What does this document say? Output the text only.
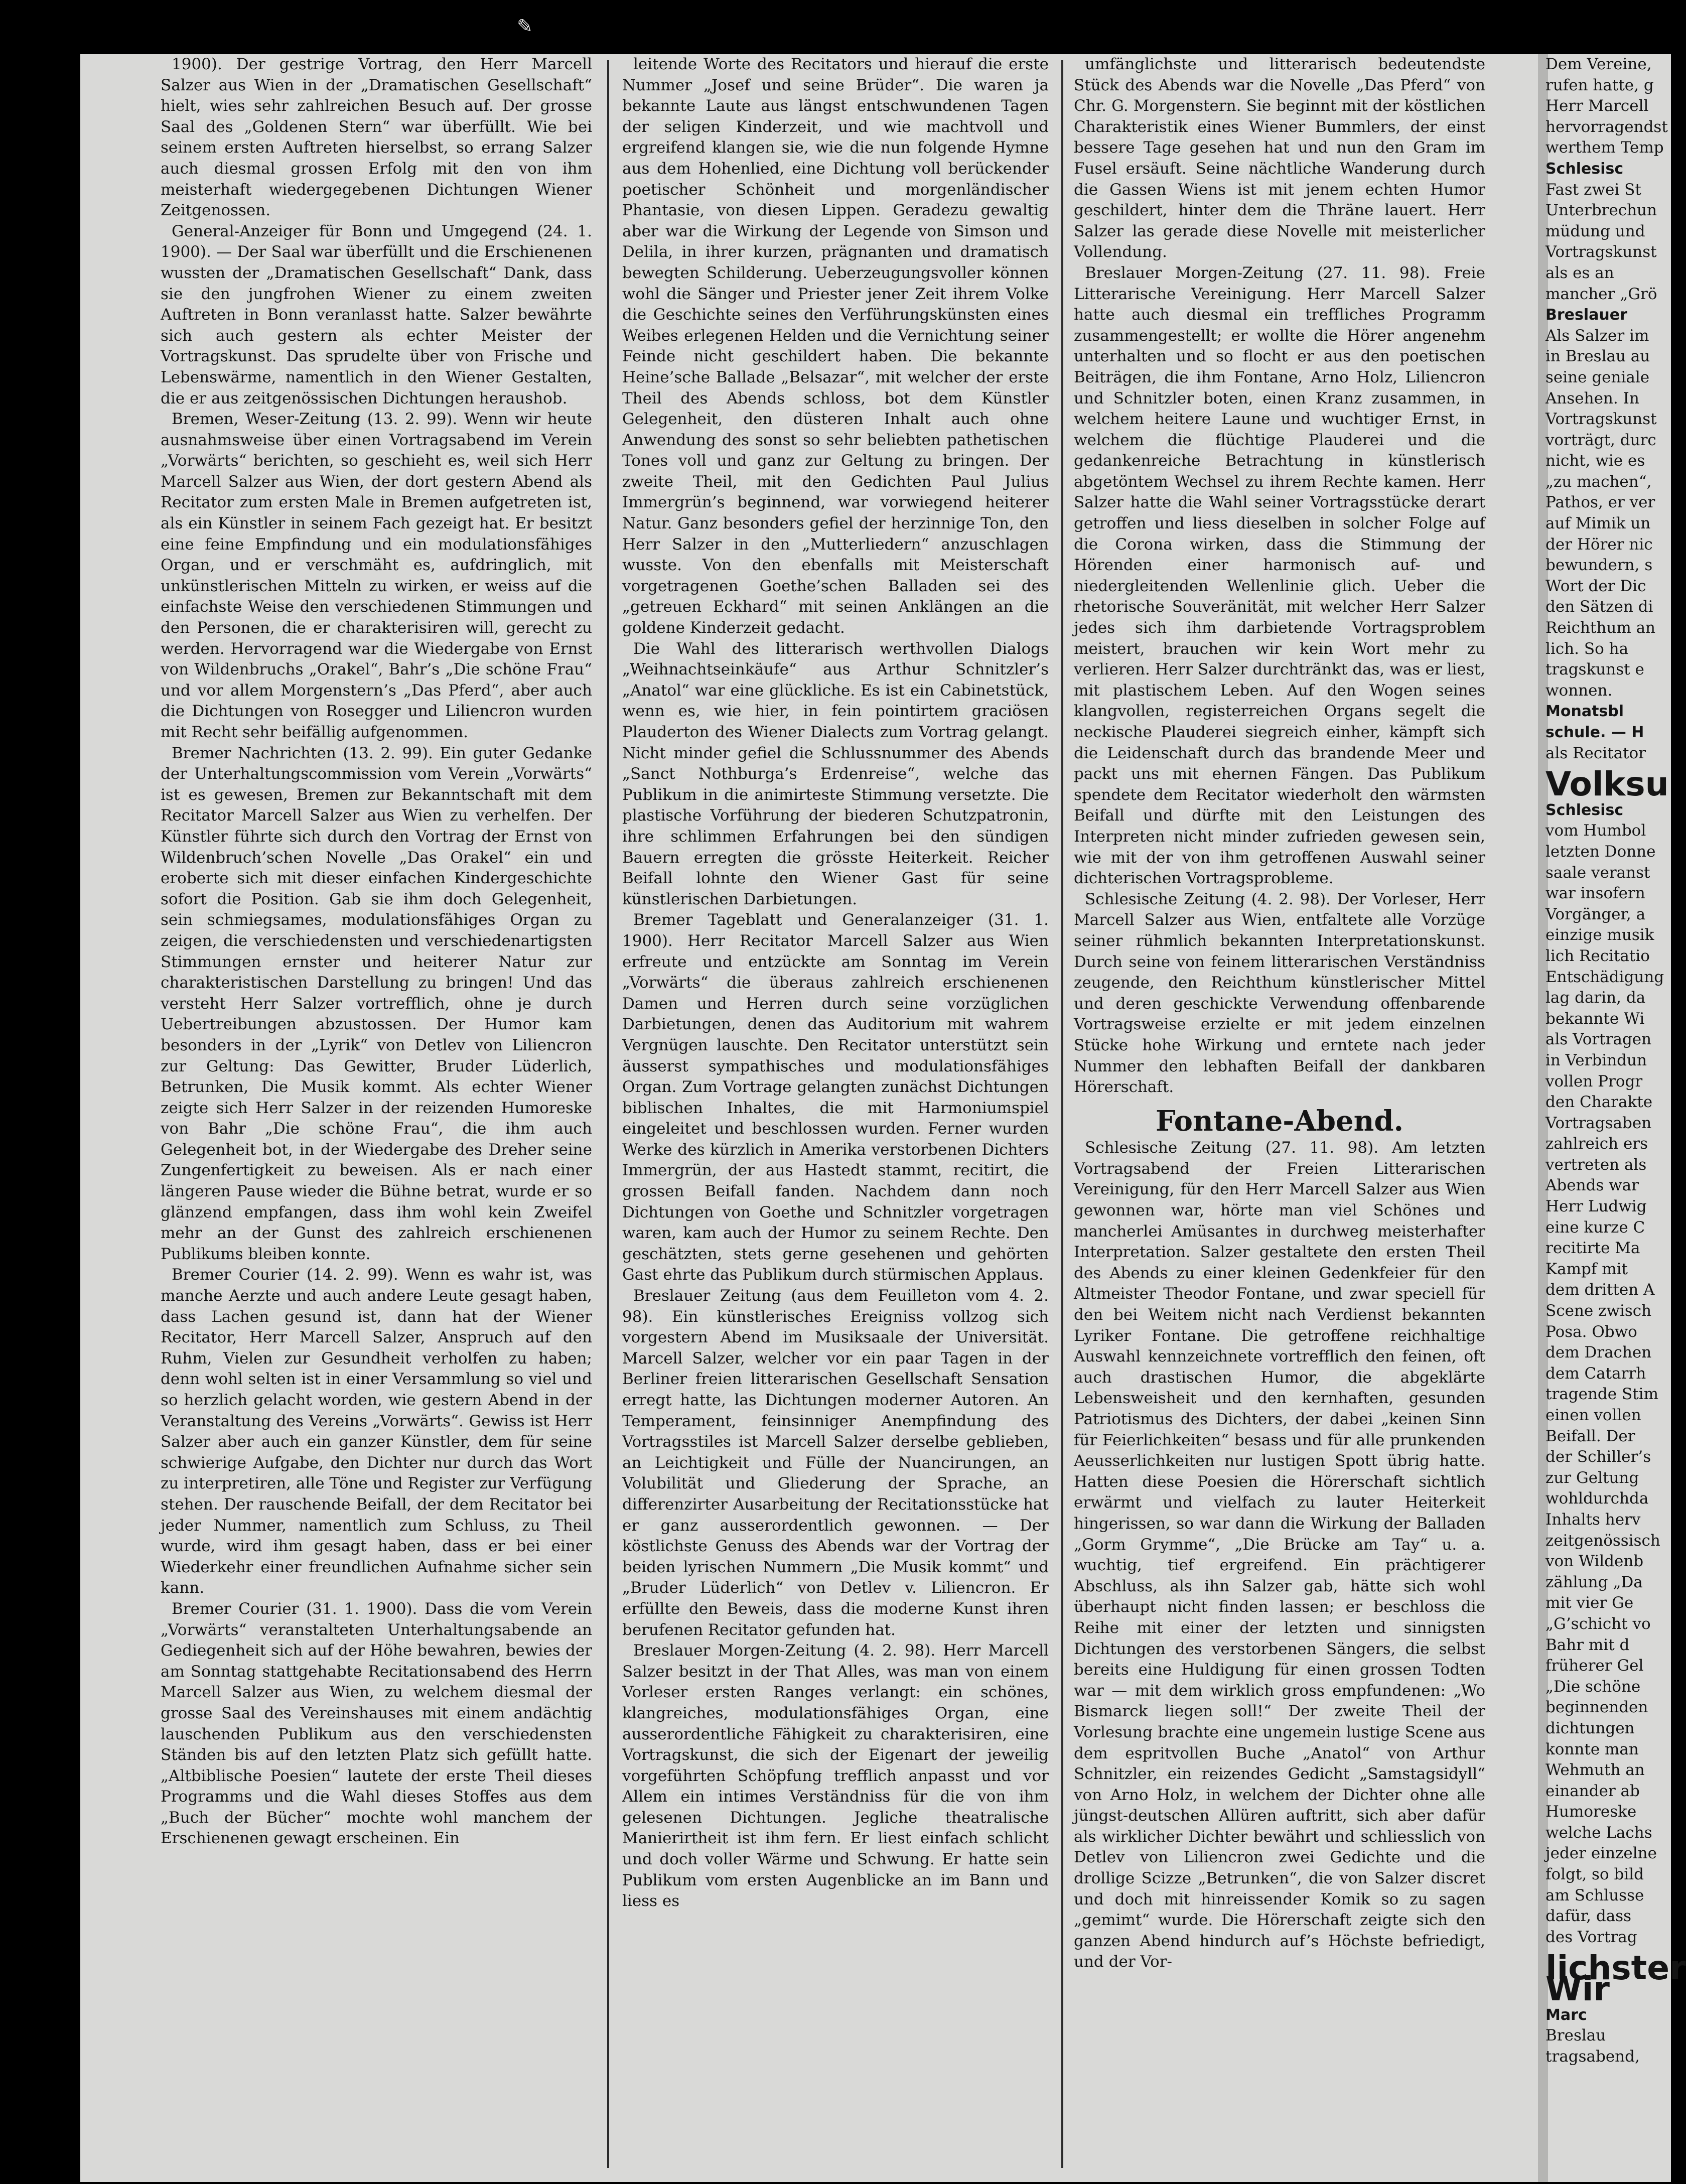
1900). Der gestrige Vortrag, den Herr Marcell Salzer aus Wien in der „Dramatischen Gesellschaft“ hielt, wies sehr zahlreichen Besuch auf. Der grosse Saal des „Goldenen Stern“ war überfüllt. Wie bei seinem ersten Auftreten hierselbst, so errang Salzer auch diesmal grossen Erfolg mit den von ihm meisterhaft wiedergegebenen Dichtungen Wiener Zeitgenossen.

General-Anzeiger für Bonn und Umgegend (24. 1. 1900). — Der Saal war überfüllt und die Erschienenen wussten der „Dramatischen Gesellschaft“ Dank, dass sie den jungfrohen Wiener zu einem zweiten Auftreten in Bonn veranlasst hatte. Salzer bewährte sich auch gestern als echter Meister der Vortragskunst. Das sprudelte über von Frische und Lebenswärme, namentlich in den Wiener Gestalten, die er aus zeitgenössischen Dichtungen heraushob.

Bremen, Weser-Zeitung (13. 2. 99). Wenn wir heute ausnahmsweise über einen Vortragsabend im Verein „Vorwärts“ berichten, so geschieht es, weil sich Herr Marcell Salzer aus Wien, der dort gestern Abend als Recitator zum ersten Male in Bremen aufgetreten ist, als ein Künstler in seinem Fach gezeigt hat. Er besitzt eine feine Empfindung und ein modulationsfähiges Organ, und er verschmäht es, aufdringlich, mit unkünstlerischen Mitteln zu wirken, er weiss auf die einfachste Weise den verschiedenen Stimmungen und den Personen, die er charakterisiren will, gerecht zu werden. Hervorragend war die Wiedergabe von Ernst von Wildenbruchs „Orakel“, Bahr’s „Die schöne Frau“ und vor allem Morgenstern’s „Das Pferd“, aber auch die Dichtungen von Rosegger und Liliencron wurden mit Recht sehr beifällig aufgenommen.

Bremer Nachrichten (13. 2. 99). Ein guter Gedanke der Unterhaltungscommission vom Verein „Vorwärts“ ist es gewesen, Bremen zur Bekanntschaft mit dem Recitator Marcell Salzer aus Wien zu verhelfen. Der Künstler führte sich durch den Vortrag der Ernst von Wildenbruch’schen Novelle „Das Orakel“ ein und eroberte sich mit dieser einfachen Kindergeschichte sofort die Position. Gab sie ihm doch Gelegenheit, sein schmiegsames, modulationsfähiges Organ zu zeigen, die verschiedensten und verschiedenartigsten Stimmungen ernster und heiterer Natur zur charakteristischen Darstellung zu bringen! Und das versteht Herr Salzer vortrefflich, ohne je durch Uebertreibungen abzustossen. Der Humor kam besonders in der „Lyrik“ von Detlev von Liliencron zur Geltung: Das Gewitter, Bruder Lüderlich, Betrunken, Die Musik kommt. Als echter Wiener zeigte sich Herr Salzer in der reizenden Humoreske von Bahr „Die schöne Frau“, die ihm auch Gelegenheit bot, in der Wiedergabe des Dreher seine Zungenfertigkeit zu beweisen. Als er nach einer längeren Pause wieder die Bühne betrat, wurde er so glänzend empfangen, dass ihm wohl kein Zweifel mehr an der Gunst des zahlreich erschienenen Publikums bleiben konnte.

Bremer Courier (14. 2. 99). Wenn es wahr ist, was manche Aerzte und auch andere Leute gesagt haben, dass Lachen gesund ist, dann hat der Wiener Recitator, Herr Marcell Salzer, Anspruch auf den Ruhm, Vielen zur Gesundheit verholfen zu haben; denn wohl selten ist in einer Versammlung so viel und so herzlich gelacht worden, wie gestern Abend in der Veranstaltung des Vereins „Vorwärts“. Gewiss ist Herr Salzer aber auch ein ganzer Künstler, dem für seine schwierige Aufgabe, den Dichter nur durch das Wort zu interpretiren, alle Töne und Register zur Verfügung stehen. Der rauschende Beifall, der dem Recitator bei jeder Nummer, namentlich zum Schluss, zu Theil wurde, wird ihm gesagt haben, dass er bei einer Wiederkehr einer freundlichen Aufnahme sicher sein kann.

Bremer Courier (31. 1. 1900). Dass die vom Verein „Vorwärts“ veranstalteten Unterhaltungsabende an Gediegenheit sich auf der Höhe bewahren, bewies der am Sonntag stattgehabte Recitationsabend des Herrn Marcell Salzer aus Wien, zu welchem diesmal der grosse Saal des Vereinshauses mit einem andächtig lauschenden Publikum aus den verschiedensten Ständen bis auf den letzten Platz sich gefüllt hatte. „Altbiblische Poesien“ lautete der erste Theil dieses Programms und die Wahl dieses Stoffes aus dem „Buch der Bücher“ mochte wohl manchem der Erschienenen gewagt erscheinen. Ein

leitende Worte des Recitators und hierauf die erste Nummer „Josef und seine Brüder“. Die waren ja bekannte Laute aus längst entschwundenen Tagen der seligen Kinderzeit, und wie machtvoll und ergreifend klangen sie, wie die nun folgende Hymne aus dem Hohenlied, eine Dichtung voll berückender poetischer Schönheit und morgenländischer Phantasie, von diesen Lippen. Geradezu gewaltig aber war die Wirkung der Legende von Simson und Delila, in ihrer kurzen, prägnanten und dramatisch bewegten Schilderung. Ueberzeugungsvoller können wohl die Sänger und Priester jener Zeit ihrem Volke die Geschichte seines den Verführungskünsten eines Weibes erlegenen Helden und die Vernichtung seiner Feinde nicht geschildert haben. Die bekannte Heine’sche Ballade „Belsazar“, mit welcher der erste Theil des Abends schloss, bot dem Künstler Gelegenheit, den düsteren Inhalt auch ohne Anwendung des sonst so sehr beliebten pathetischen Tones voll und ganz zur Geltung zu bringen. Der zweite Theil, mit den Gedichten Paul Julius Immergrün’s beginnend, war vorwiegend heiterer Natur. Ganz besonders gefiel der herzinnige Ton, den Herr Salzer in den „Mutterliedern“ anzuschlagen wusste. Von den ebenfalls mit Meisterschaft vorgetragenen Goethe’schen Balladen sei des „getreuen Eckhard“ mit seinen Anklängen an die goldene Kinderzeit gedacht.

Die Wahl des litterarisch werthvollen Dialogs „Weihnachtseinkäufe“ aus Arthur Schnitzler’s „Anatol“ war eine glückliche. Es ist ein Cabinetstück, wenn es, wie hier, in fein pointirtem graciösen Plauderton des Wiener Dialects zum Vortrag gelangt. Nicht minder gefiel die Schlussnummer des Abends „Sanct Nothburga’s Erdenreise“, welche das Publikum in die animirteste Stimmung versetzte. Die plastische Vorführung der biederen Schutzpatronin, ihre schlimmen Erfahrungen bei den sündigen Bauern erregten die grösste Heiterkeit. Reicher Beifall lohnte den Wiener Gast für seine künstlerischen Darbietungen.

Bremer Tageblatt und Generalanzeiger (31. 1. 1900). Herr Recitator Marcell Salzer aus Wien erfreute und entzückte am Sonntag im Verein „Vorwärts“ die überaus zahlreich erschienenen Damen und Herren durch seine vorzüglichen Darbietungen, denen das Auditorium mit wahrem Vergnügen lauschte. Den Recitator unterstützt sein äusserst sympathisches und modulationsfähiges Organ. Zum Vortrage gelangten zunächst Dichtungen biblischen Inhaltes, die mit Harmoniumspiel eingeleitet und beschlossen wurden. Ferner wurden Werke des kürzlich in Amerika verstorbenen Dichters Immergrün, der aus Hastedt stammt, recitirt, die grossen Beifall fanden. Nachdem dann noch Dichtungen von Goethe und Schnitzler vorgetragen waren, kam auch der Humor zu seinem Rechte. Den geschätzten, stets gerne gesehenen und gehörten Gast ehrte das Publikum durch stürmischen Applaus.

Breslauer Zeitung (aus dem Feuilleton vom 4. 2. 98). Ein künstlerisches Ereigniss vollzog sich vorgestern Abend im Musiksaale der Universität. Marcell Salzer, welcher vor ein paar Tagen in der Berliner freien litterarischen Gesellschaft Sensation erregt hatte, las Dichtungen moderner Autoren. An Temperament, feinsinniger Anempfindung des Vortragsstiles ist Marcell Salzer derselbe geblieben, an Leichtigkeit und Fülle der Nuancirungen, an Volubilität und Gliederung der Sprache, an differenzirter Ausarbeitung der Recitationsstücke hat er ganz ausserordentlich gewonnen. — Der köstlichste Genuss des Abends war der Vortrag der beiden lyrischen Nummern „Die Musik kommt“ und „Bruder Lüderlich“ von Detlev v. Liliencron. Er erfüllte den Beweis, dass die moderne Kunst ihren berufenen Recitator gefunden hat.

Breslauer Morgen-Zeitung (4. 2. 98). Herr Marcell Salzer besitzt in der That Alles, was man von einem Vorleser ersten Ranges verlangt: ein schönes, klangreiches, modulationsfähiges Organ, eine ausserordentliche Fähigkeit zu charakterisiren, eine Vortragskunst, die sich der Eigenart der jeweilig vorgeführten Schöpfung trefflich anpasst und vor Allem ein intimes Verständniss für die von ihm gelesenen Dichtungen. Jegliche theatralische Manierirtheit ist ihm fern. Er liest einfach schlicht und doch voller Wärme und Schwung. Er hatte sein Publikum vom ersten Augenblicke an im Bann und liess es

umfänglichste und litterarisch bedeutendste Stück des Abends war die Novelle „Das Pferd“ von Chr. G. Morgenstern. Sie beginnt mit der köstlichen Charakteristik eines Wiener Bummlers, der einst bessere Tage gesehen hat und nun den Gram im Fusel ersäuft. Seine nächtliche Wanderung durch die Gassen Wiens ist mit jenem echten Humor geschildert, hinter dem die Thräne lauert. Herr Salzer las gerade diese Novelle mit meisterlicher Vollendung.

Breslauer Morgen-Zeitung (27. 11. 98). Freie Litterarische Vereinigung. Herr Marcell Salzer hatte auch diesmal ein treffliches Programm zusammengestellt; er wollte die Hörer angenehm unterhalten und so flocht er aus den poetischen Beiträgen, die ihm Fontane, Arno Holz, Liliencron und Schnitzler boten, einen Kranz zusammen, in welchem heitere Laune und wuchtiger Ernst, in welchem die flüchtige Plauderei und die gedankenreiche Betrachtung in künstlerisch abgetöntem Wechsel zu ihrem Rechte kamen. Herr Salzer hatte die Wahl seiner Vortragsstücke derart getroffen und liess dieselben in solcher Folge auf die Corona wirken, dass die Stimmung der Hörenden einer harmonisch auf- und niedergleitenden Wellenlinie glich. Ueber die rhetorische Souveränität, mit welcher Herr Salzer jedes sich ihm darbietende Vortragsproblem meistert, brauchen wir kein Wort mehr zu verlieren. Herr Salzer durchtränkt das, was er liest, mit plastischem Leben. Auf den Wogen seines klangvollen, registerreichen Organs segelt die neckische Plauderei siegreich einher, kämpft sich die Leidenschaft durch das brandende Meer und packt uns mit ehernen Fängen. Das Publikum spendete dem Recitator wiederholt den wärmsten Beifall und dürfte mit den Leistungen des Interpreten nicht minder zufrieden gewesen sein, wie mit der von ihm getroffenen Auswahl seiner dichterischen Vortragsprobleme.

Schlesische Zeitung (4. 2. 98). Der Vorleser, Herr Marcell Salzer aus Wien, entfaltete alle Vorzüge seiner rühmlich bekannten Interpretationskunst. Durch seine von feinem litterarischen Verständniss zeugende, den Reichthum künstlerischer Mittel und deren geschickte Verwendung offenbarende Vortragsweise erzielte er mit jedem einzelnen Stücke hohe Wirkung und erntete nach jeder Nummer den lebhaften Beifall der dankbaren Hörerschaft.

Fontane-Abend.

Schlesische Zeitung (27. 11. 98). Am letzten Vortragsabend der Freien Litterarischen Vereinigung, für den Herr Marcell Salzer aus Wien gewonnen war, hörte man viel Schönes und mancherlei Amüsantes in durchweg meisterhafter Interpretation. Salzer gestaltete den ersten Theil des Abends zu einer kleinen Gedenkfeier für den Altmeister Theodor Fontane, und zwar speciell für den bei Weitem nicht nach Verdienst bekannten Lyriker Fontane. Die getroffene reichhaltige Auswahl kennzeichnete vortrefflich den feinen, oft auch drastischen Humor, die abgeklärte Lebensweisheit und den kernhaften, gesunden Patriotismus des Dichters, der dabei „keinen Sinn für Feierlichkeiten“ besass und für alle prunkenden Aeusserlichkeiten nur lustigen Spott übrig hatte. Hatten diese Poesien die Hörerschaft sichtlich erwärmt und vielfach zu lauter Heiterkeit hingerissen, so war dann die Wirkung der Balladen „Gorm Grymme“, „Die Brücke am Tay“ u. a. wuchtig, tief ergreifend. Ein prächtigerer Abschluss, als ihn Salzer gab, hätte sich wohl überhaupt nicht finden lassen; er beschloss die Reihe mit einer der letzten und sinnigsten Dichtungen des verstorbenen Sängers, die selbst bereits eine Huldigung für einen grossen Todten war — mit dem wirklich gross empfundenen: „Wo Bismarck liegen soll!“ Der zweite Theil der Vorlesung brachte eine ungemein lustige Scene aus dem espritvollen Buche „Anatol“ von Arthur Schnitzler, ein reizendes Gedicht „Samstagsidyll“ von Arno Holz, in welchem der Dichter ohne alle jüngst-deutschen Allüren auftritt, sich aber dafür als wirklicher Dichter bewährt und schliesslich von Detlev von Liliencron zwei Gedichte und die drollige Scizze „Betrunken“, die von Salzer discret und doch mit hinreissender Komik so zu sagen „gemimt“ wurde. Die Hörerschaft zeigte sich den ganzen Abend hindurch auf’s Höchste befriedigt, und der Vor-

Dem Vereine,
rufen hatte, g
Herr Marcell
hervorragendst
werthem Temp
Schlesisc
Fast zwei St
Unterbrechun
müdung und
Vortragskunst
als es an
mancher „Grö
Breslauer
Als Salzer im
in Breslau au
seine geniale
Ansehen. In
Vortragskunst
vorträgt, durc
nicht, wie es
„zu machen“,
Pathos, er ver
auf Mimik un
der Hörer nic
bewundern, s
Wort der Dic
den Sätzen di
Reichthum an
lich. So ha
tragskunst e
wonnen.
Monatsbl
schule. — H
als Recitator
Volksu
Schlesisc
vom Humbol
letzten Donne
saale veranst
war insofern
Vorgänger, a
einzige musik
lich Recitatio
Entschädigung
lag darin, da
bekannte Wi
als Vortragen
in Verbindun
vollen Progr
den Charakte
Vortragsaben
zahlreich ers
vertreten als
Abends war
Herr Ludwig
eine kurze C
recitirte Ma
Kampf mit
dem dritten A
Scene zwisch
Posa. Obwo
dem Drachen
dem Catarrh
tragende Stim
einen vollen
Beifall. Der
der Schiller’s
zur Geltung
wohldurchda
Inhalts herv
zeitgenössisch
von Wildenb
zählung „Da
mit vier Ge
„G’schicht vo
Bahr mit d
früherer Gel
„Die schöne
beginnenden
dichtungen
konnte man
Wehmuth an
einander ab
Humoreske
welche Lachs
jeder einzelne
folgt, so bild
am Schlusse
dafür, dass
des Vortrag
lichster Wir
Marc
Breslau
tragsabend,
✎
